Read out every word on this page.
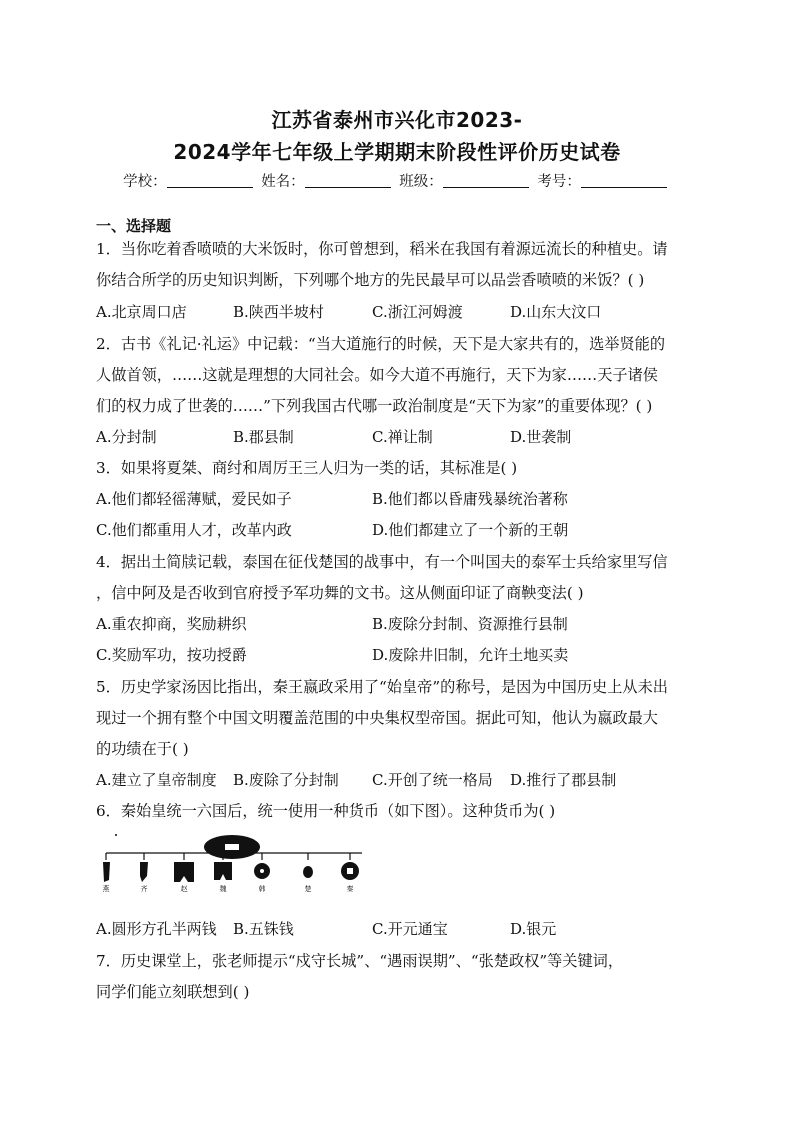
江苏省泰州市兴化市2023-
2024学年七年级上学期期末阶段性评价历史试卷
学校：	姓名：	班级：	考号：
一、选择题
1．当你吃着香喷喷的大米饭时，你可曾想到，稻米在我国有着源远流长的种植史。请
你结合所学的历史知识判断，下列哪个地方的先民最早可以品尝香喷喷的米饭？( )
A.北京周口店	B.陕西半坡村	C.浙江河姆渡	D.山东大汶口
2．古书《礼记·礼运》中记载：“当大道施行的时候，天下是大家共有的，选举贤能的
人做首领，……这就是理想的大同社会。如今大道不再施行，天下为家……天子诸侯
们的权力成了世袭的……”下列我国古代哪一政治制度是“天下为家”的重要体现？( )
A.分封制	B.郡县制	C.禅让制	D.世袭制
3．如果将夏桀、商纣和周厉王三人归为一类的话，其标准是( )
A.他们都轻徭薄赋，爱民如子	B.他们都以昏庸残暴统治著称
C.他们都重用人才，改革内政	D.他们都建立了一个新的王朝
4．据出土简牍记载，泰国在征伐楚国的战事中，有一个叫国夫的泰军士兵给家里写信
，信中阿及是否收到官府授予军功舞的文书。这从侧面印证了商鞅变法( )
A.重农抑商，奖励耕织	B.废除分封制、资源推行县制
C.奖励军功，按功授爵	D.废除井旧制，允许土地买卖
5．历史学家汤因比指出，秦王嬴政采用了“始皇帝”的称号，是因为中国历史上从未出
现过一个拥有整个中国文明覆盖范围的中央集权型帝国。据此可知，他认为嬴政最大
的功绩在于( )
A.建立了皇帝制度 B.废除了分封制 C.开创了统一格局 D.推行了郡县制
6．秦始皇统一六国后，统一使用一种货币（如下图）。这种货币为( )
燕	齐	赵	魏	韩	楚	秦
A.圆形方孔半两钱 B.五铢钱	C.开元通宝	D.银元
7．历史课堂上，张老师提示“戍守长城”、“遇雨误期”、“张楚政权”等关键词，
同学们能立刻联想到( )
